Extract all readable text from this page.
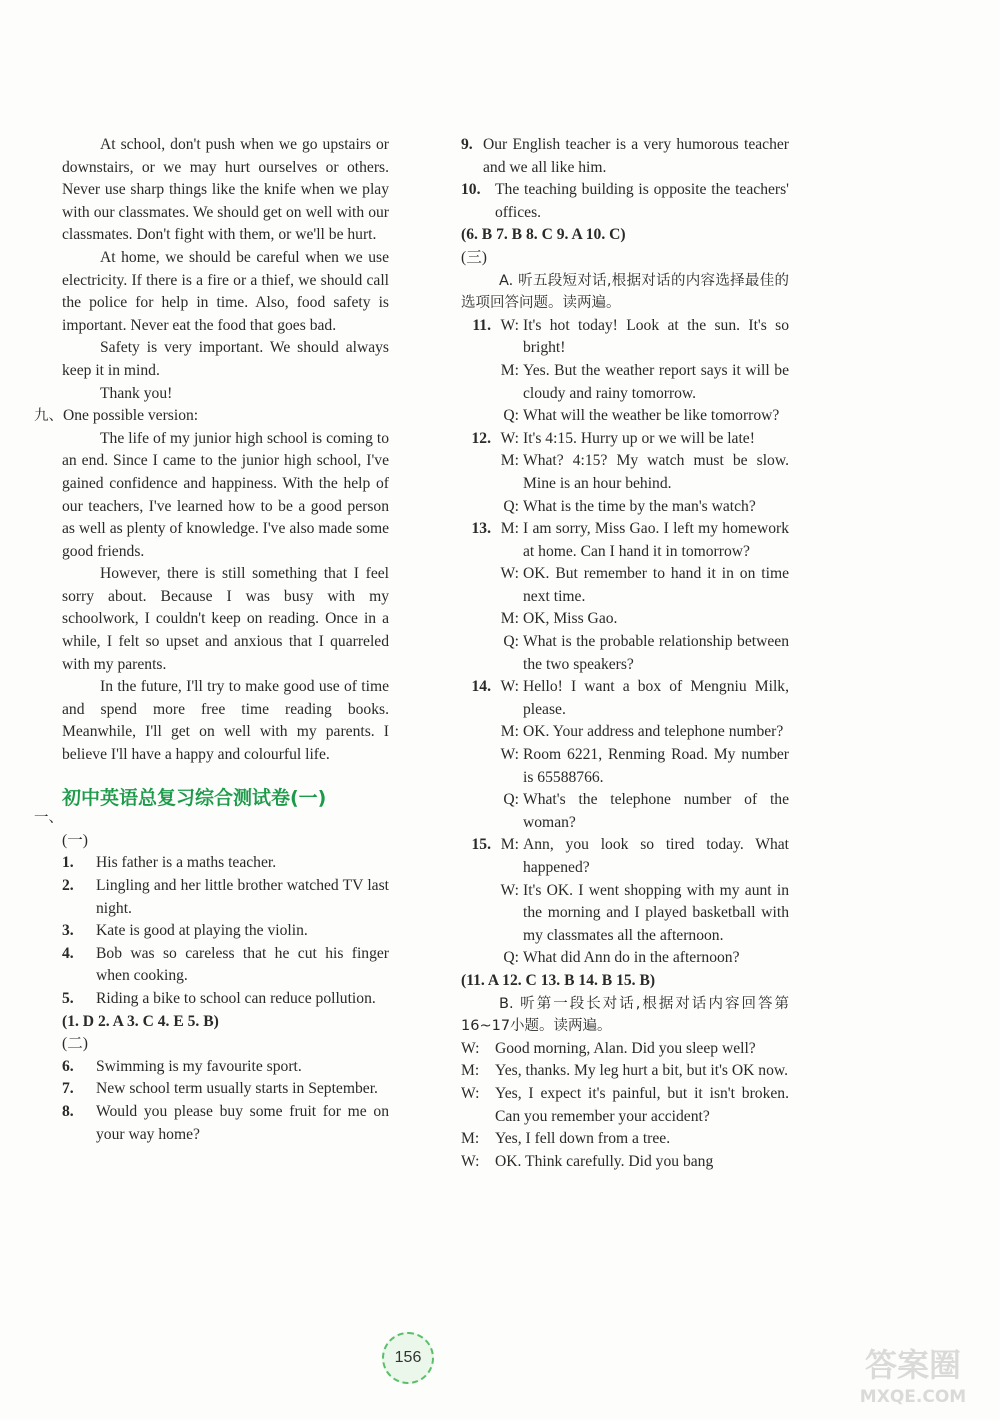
At school, don't push when we go upstairs or downstairs, or we may hurt ourselves or others. Never use sharp things like the knife when we play with our classmates. We should get on well with our classmates. Don't fight with them, or we'll be hurt.

At home, we should be careful when we use electricity. If there is a fire or a thief, we should call the police for help in time. Also, food safety is important. Never eat the food that goes bad.

Safety is very important. We should always keep it in mind.

Thank you!

九、One possible version:

The life of my junior high school is coming to an end. Since I came to the junior high school, I've gained confidence and happiness. With the help of our teachers, I've learned how to be a good person as well as plenty of knowledge. I've also made some good friends.

However, there is still something that I feel sorry about. Because I was busy with my schoolwork, I couldn't keep on reading. Once in a while, I felt so upset and anxious that I quarreled with my parents.

In the future, I'll try to make good use of time and spend more free time reading books. Meanwhile, I'll get on well with my parents. I believe I'll have a happy and colourful life.

初中英语总复习综合测试卷(一)

一、

(一)

1.	His father is a maths teacher.
2.	Lingling and her little brother watched TV last night.
3.	Kate is good at playing the violin.
4.	Bob was so careless that he cut his finger when cooking.
5.	Riding a bike to school can reduce pollution.

(1. D 2. A 3. C 4. E 5. B)

(二)

6.	Swimming is my favourite sport.
7.	New school term usually starts in September.
8.	Would you please buy some fruit for me on your way home?
9. Our English teacher is a very humorous teacher and we all like him.
10. The teaching building is opposite the teachers' offices.

(6. B 7. B 8. C 9. A 10. C)

(三)

A. 听五段短对话,根据对话的内容选择最佳的选项回答问题。读两遍。

11. W: It's hot today! Look at the sun. It's so bright!
M: Yes. But the weather report says it will be cloudy and rainy tomorrow.
Q: What will the weather be like tomorrow?
12. W: It's 4:15. Hurry up or we will be late!
M: What? 4:15? My watch must be slow. Mine is an hour behind.
Q: What is the time by the man's watch?
13. M: I am sorry, Miss Gao. I left my homework at home. Can I hand it in tomorrow?
W: OK. But remember to hand it in on time next time.
M: OK, Miss Gao.
Q: What is the probable relationship between the two speakers?
14. W: Hello! I want a box of Mengniu Milk, please.
M: OK. Your address and telephone number?
W: Room 6221, Renming Road. My number is 65588766.
Q: What's the telephone number of the woman?
15. M: Ann, you look so tired today. What happened?
W: It's OK. I went shopping with my aunt in the morning and I played basketball with my classmates all the afternoon.
Q: What did Ann do in the afternoon?

(11. A 12. C 13. B 14. B 15. B)

B. 听第一段长对话,根据对话内容回答第16~17小题。读两遍。

W: Good morning, Alan. Did you sleep well?
M:	Yes, thanks. My leg hurt a bit, but it's OK now.
W: Yes, I expect it's painful, but it isn't broken. Can you remember your accident?
M:	Yes, I fell down from a tree.
W: OK. Think carefully. Did you bang
156	答案圈
MXQE.COM
